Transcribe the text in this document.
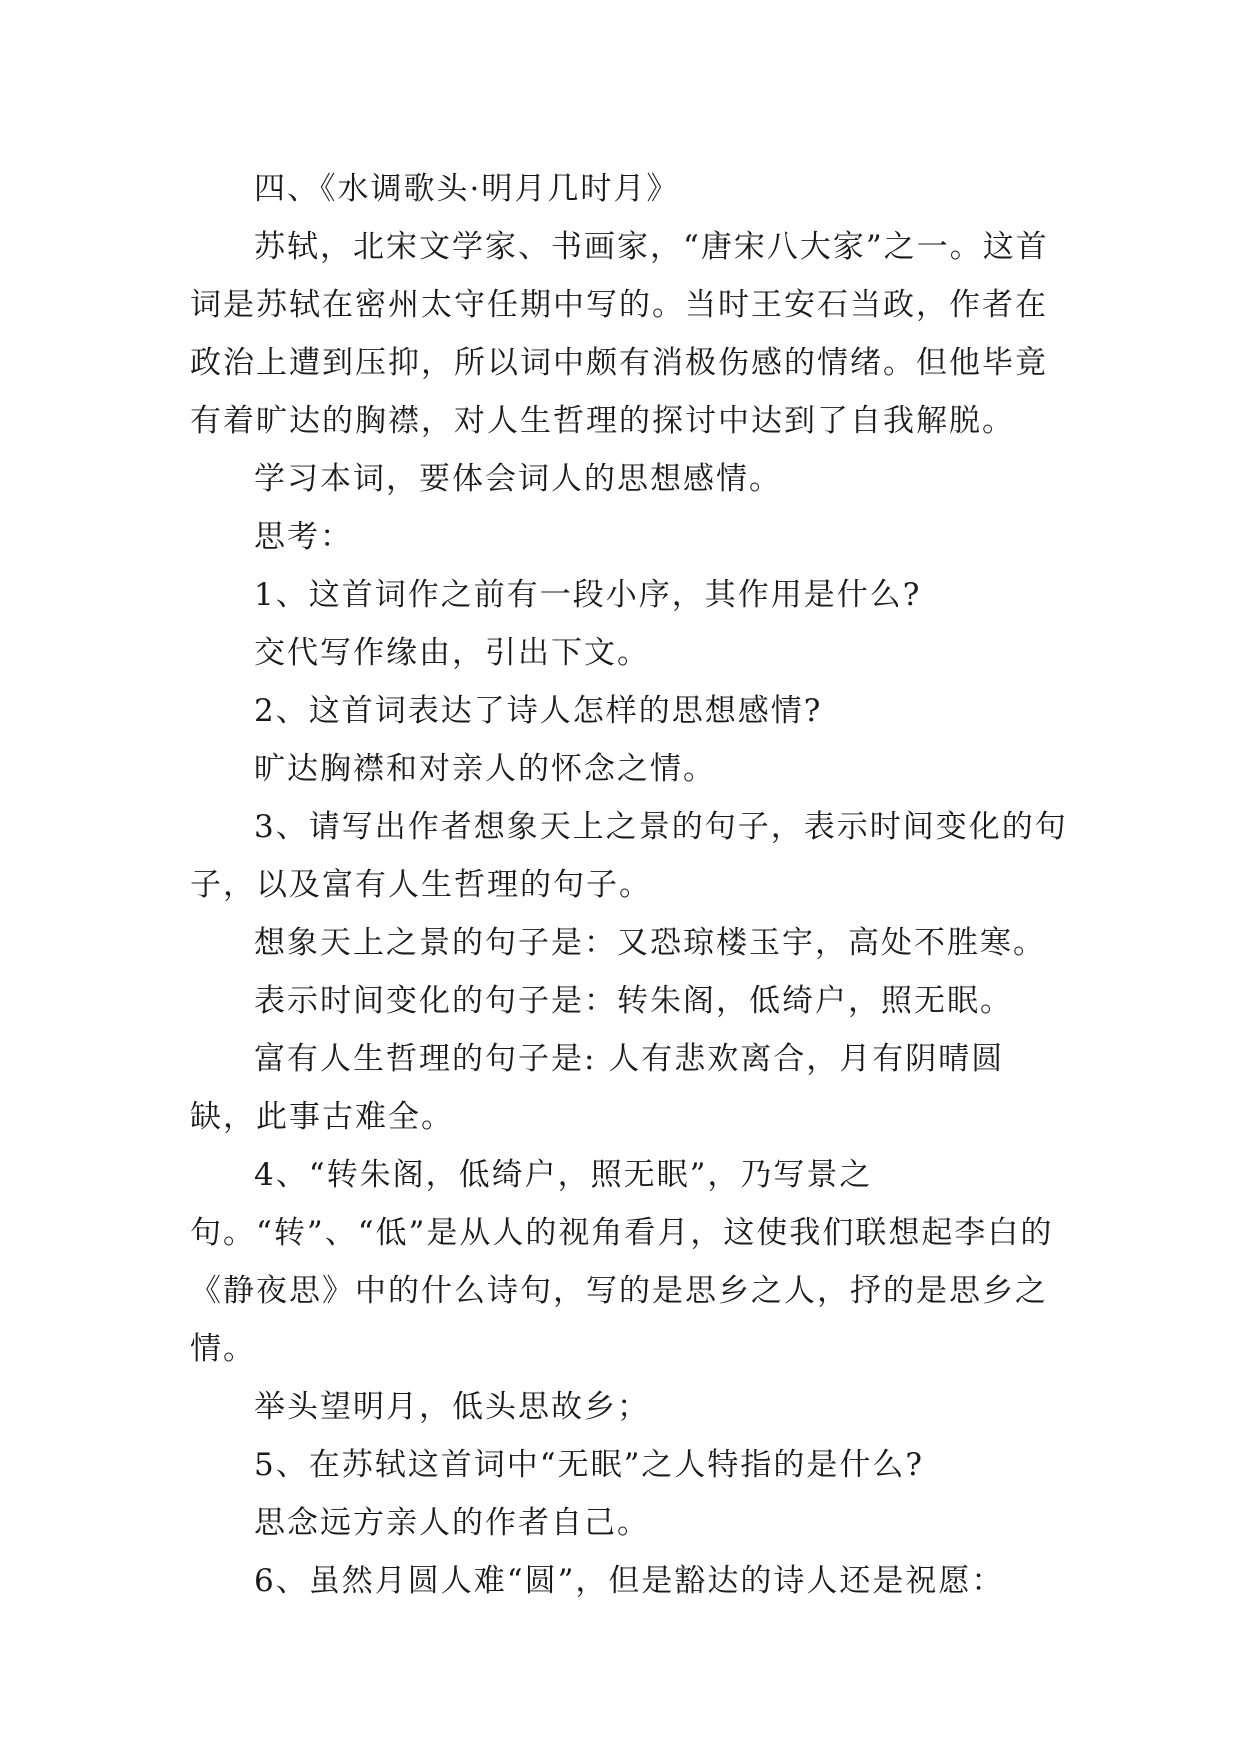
四、《水调歌头·明月几时月》

苏轼，北宋文学家、书画家，“唐宋八大家”之一。这首词是苏轼在密州太守任期中写的。当时王安石当政，作者在政治上遭到压抑，所以词中颇有消极伤感的情绪。但他毕竟有着旷达的胸襟，对人生哲理的探讨中达到了自我解脱。

学习本词，要体会词人的思想感情。

思考：

1、这首词作之前有一段小序，其作用是什么?

交代写作缘由，引出下文。

2、这首词表达了诗人怎样的思想感情?

旷达胸襟和对亲人的怀念之情。

3、请写出作者想象天上之景的句子，表示时间变化的句子，以及富有人生哲理的句子。

想象天上之景的句子是：又恐琼楼玉宇，高处不胜寒。

表示时间变化的句子是：转朱阁，低绮户，照无眠。

富有人生哲理的句子是: 人有悲欢离合，月有阴晴圆缺，此事古难全。

4、“转朱阁，低绮户，照无眠”，乃写景之句。“转”、“低”是从人的视角看月，这使我们联想起李白的《静夜思》中的什么诗句，写的是思乡之人，抒的是思乡之情。

举头望明月，低头思故乡；

5、在苏轼这首词中“无眠”之人特指的是什么?

思念远方亲人的作者自己。

6、虽然月圆人难“圆”，但是豁达的诗人还是祝愿：
